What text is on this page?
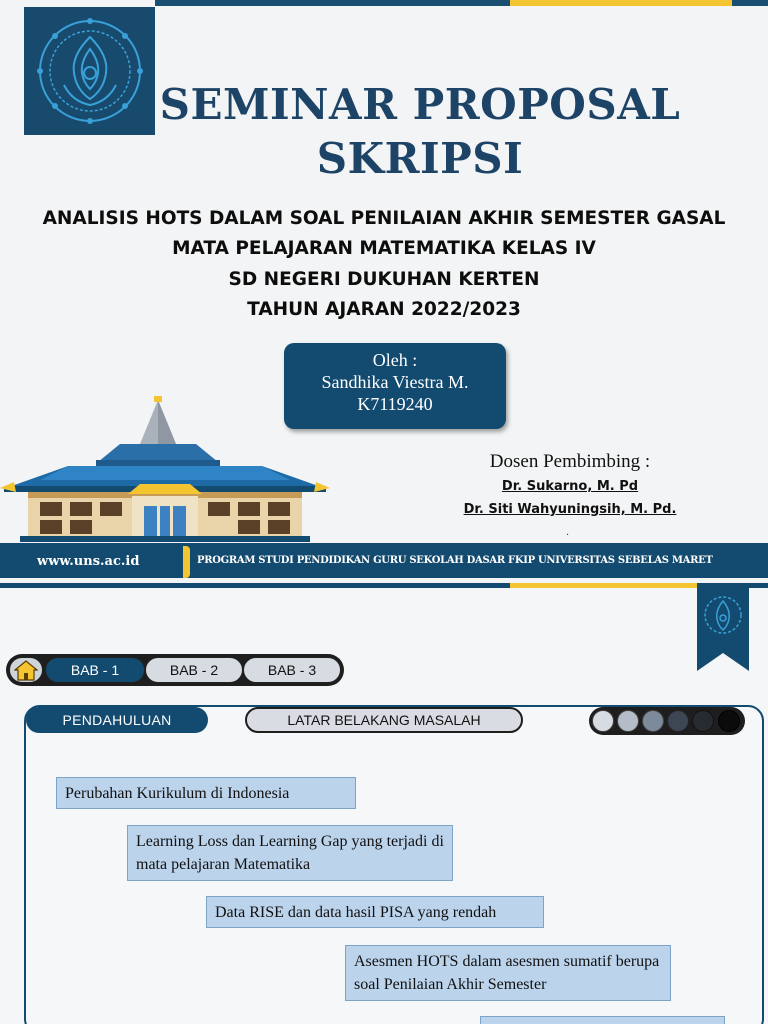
SEMINAR PROPOSAL
SKRIPSI
ANALISIS HOTS DALAM SOAL PENILAIAN AKHIR SEMESTER GASAL
MATA PELAJARAN MATEMATIKA KELAS IV
SD NEGERI DUKUHAN KERTEN
TAHUN AJARAN 2022/2023
Oleh :
Sandhika Viestra M.
K7119240
Dosen Pembimbing :
Dr. Sukarno, M. Pd
Dr. Siti Wahyuningsih, M. Pd.
.
www.uns.ac.id	PROGRAM STUDI PENDIDIKAN GURU SEKOLAH DASAR FKIP UNIVERSITAS SEBELAS MARET
BAB - 1	BAB - 2	BAB - 3
PENDAHULUAN	LATAR BELAKANG MASALAH
Perubahan Kurikulum di Indonesia
Learning Loss dan Learning Gap yang terjadi di mata pelajaran Matematika
Data RISE dan data hasil PISA yang rendah
Asesmen HOTS dalam asesmen sumatif berupa soal Penilaian Akhir Semester
